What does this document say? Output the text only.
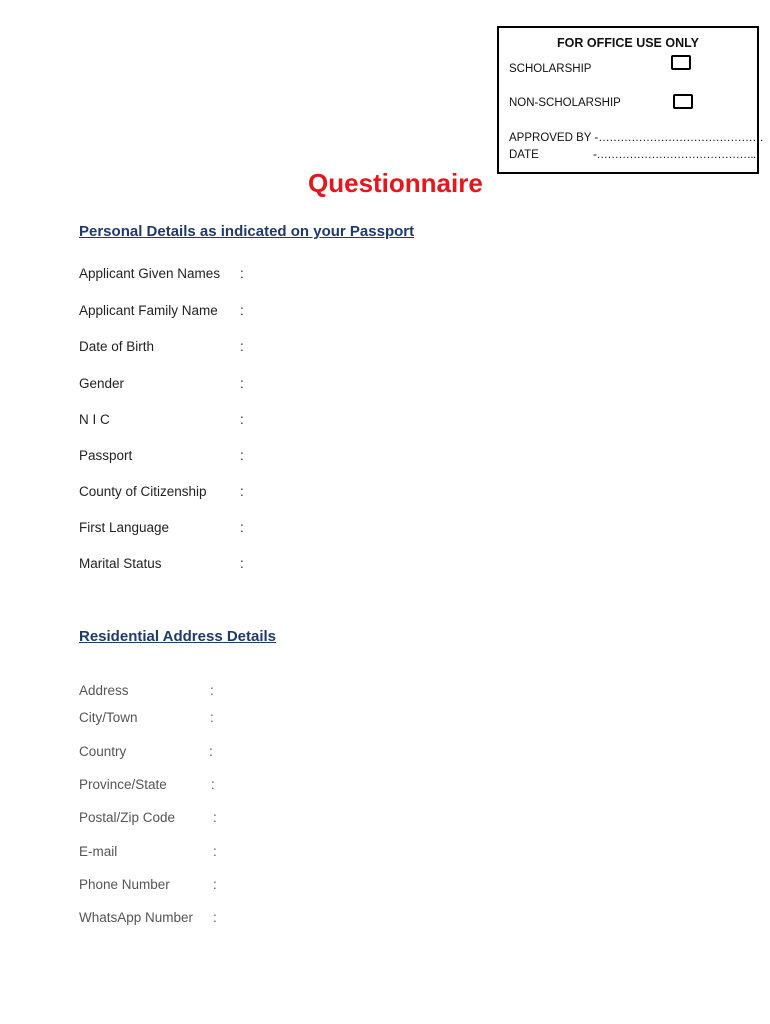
FOR OFFICE USE ONLY
SCHOLARSHIP
NON-SCHOLARSHIP
APPROVED BY -………………………………………
DATE	-……………………………………..
Questionnaire
Personal Details as indicated on your Passport
Applicant Given Names :
Applicant Family Name :
Date of Birth	:
Gender	:
N I C	:
Passport	:
County of Citizenship :
First Language	:
Marital Status	:
Residential Address Details
Address	:
City/Town	:
Country	:
Province/State	:
Postal/Zip Code	:
E-mail	:
Phone Number	:
WhatsApp Number :
